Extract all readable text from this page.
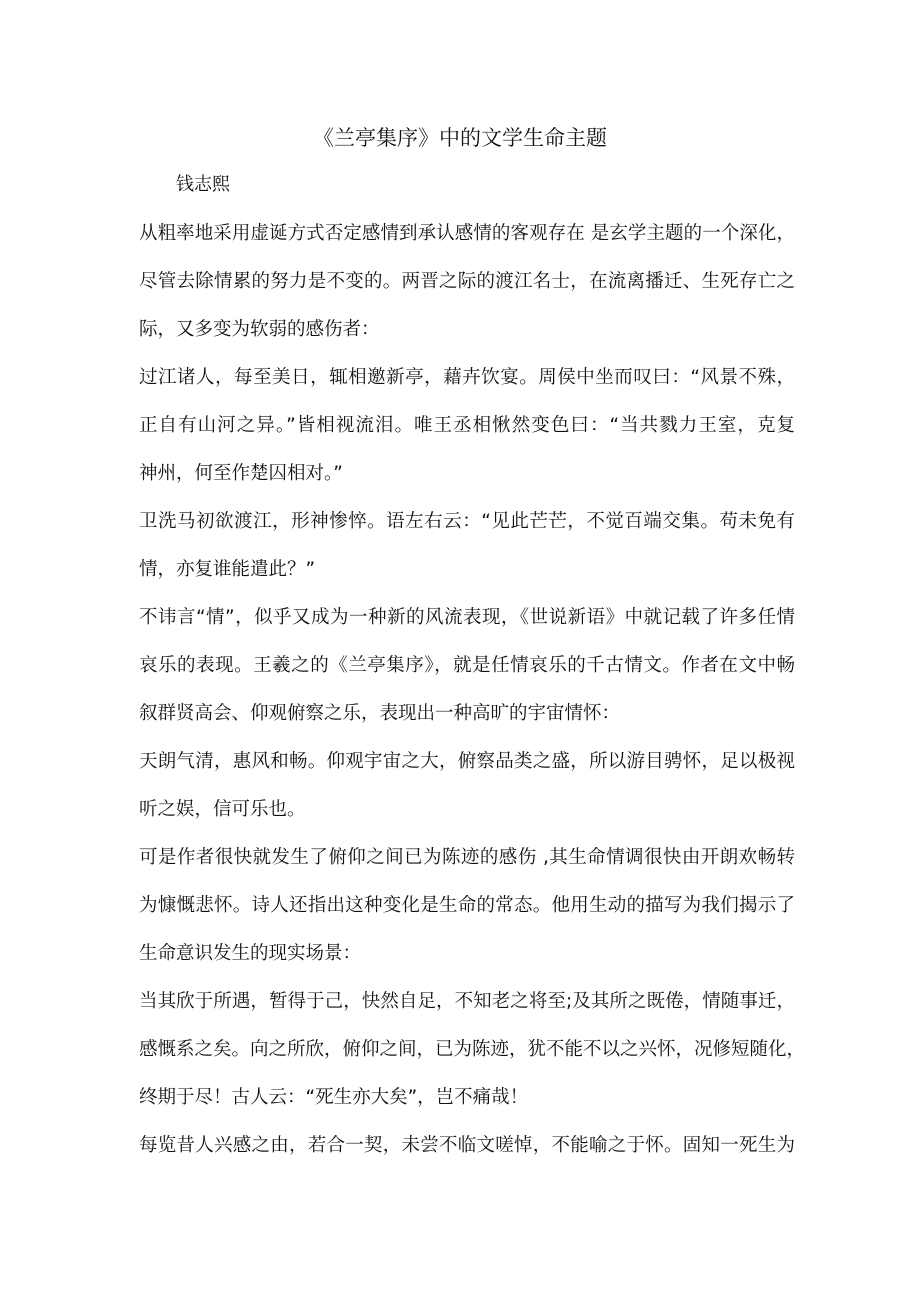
《兰亭集序》中的文学生命主题
钱志熙
从粗率地采用虚诞方式否定感情到承认感情的客观存在 是玄学主题的一个深化，
尽管去除情累的努力是不变的。两晋之际的渡江名士，在流离播迁、生死存亡之
际，又多变为软弱的感伤者：
过江诸人，每至美日，辄相邀新亭，藉卉饮宴。周侯中坐而叹曰：“风景不殊，
正自有山河之异。”皆相视流泪。唯王丞相愀然变色曰：“当共戮力王室，克复
神州，何至作楚囚相对。”
卫洗马初欲渡江，形神惨悴。语左右云：“见此芒芒，不觉百端交集。苟未免有
情，亦复谁能遣此？”
不讳言“情”，似乎又成为一种新的风流表现，《世说新语》中就记载了许多任情
哀乐的表现。王羲之的《兰亭集序》，就是任情哀乐的千古情文。作者在文中畅
叙群贤高会、仰观俯察之乐，表现出一种高旷的宇宙情怀：
天朗气清，惠风和畅。仰观宇宙之大，俯察品类之盛，所以游目骋怀，足以极视
听之娱，信可乐也。
可是作者很快就发生了俯仰之间已为陈迹的感伤 ,其生命情调很快由开朗欢畅转
为慷慨悲怀。诗人还指出这种变化是生命的常态。他用生动的描写为我们揭示了
生命意识发生的现实场景：
当其欣于所遇，暂得于己，快然自足，不知老之将至;及其所之既倦，情随事迁，
感慨系之矣。向之所欣，俯仰之间，已为陈迹，犹不能不以之兴怀，况修短随化，
终期于尽！古人云：“死生亦大矣”，岂不痛哉！
每览昔人兴感之由，若合一契，未尝不临文嗟悼，不能喻之于怀。固知一死生为
